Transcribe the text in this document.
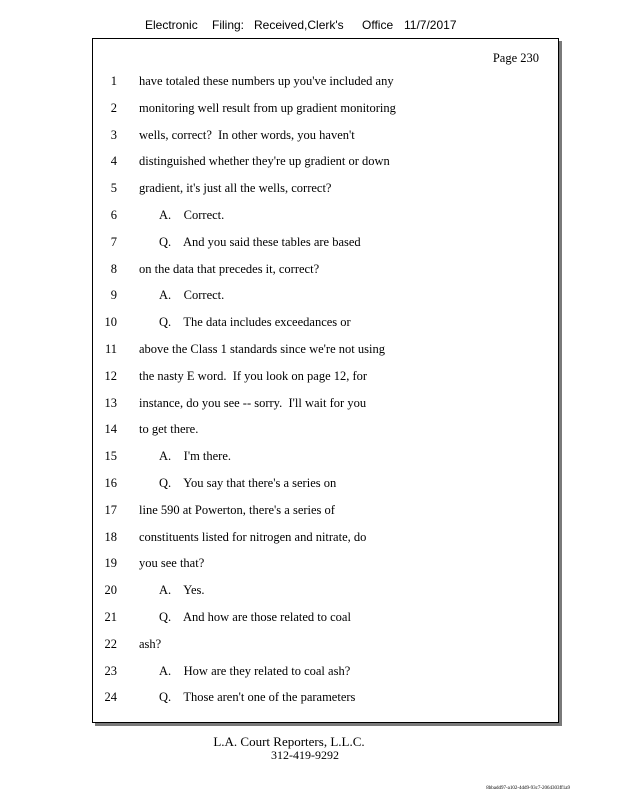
Electronic Filing: Received,Clerk's Office 11/7/2017
Page 230
1 have totaled these numbers up you've included any
2 monitoring well result from up gradient monitoring
3 wells, correct?  In other words, you haven't
4 distinguished whether they're up gradient or down
5 gradient, it's just all the wells, correct?
6	A.    Correct.
7	Q.    And you said these tables are based
8 on the data that precedes it, correct?
9	A.    Correct.
10	Q.    The data includes exceedances or
11 above the Class 1 standards since we're not using
12 the nasty E word.  If you look on page 12, for
13 instance, do you see -- sorry.  I'll wait for you
14 to get there.
15	A.    I'm there.
16	Q.    You say that there's a series on
17 line 590 at Powerton, there's a series of
18 constituents listed for nitrogen and nitrate, do
19 you see that?
20	A.    Yes.
21	Q.    And how are those related to coal
22 ash?
23	A.    How are they related to coal ash?
24	Q.    Those aren't one of the parameters
L.A. Court Reporters, L.L.C.
312-419-9292
8bbadd97-a102-4dd9-93c7-2064303ff1a9
